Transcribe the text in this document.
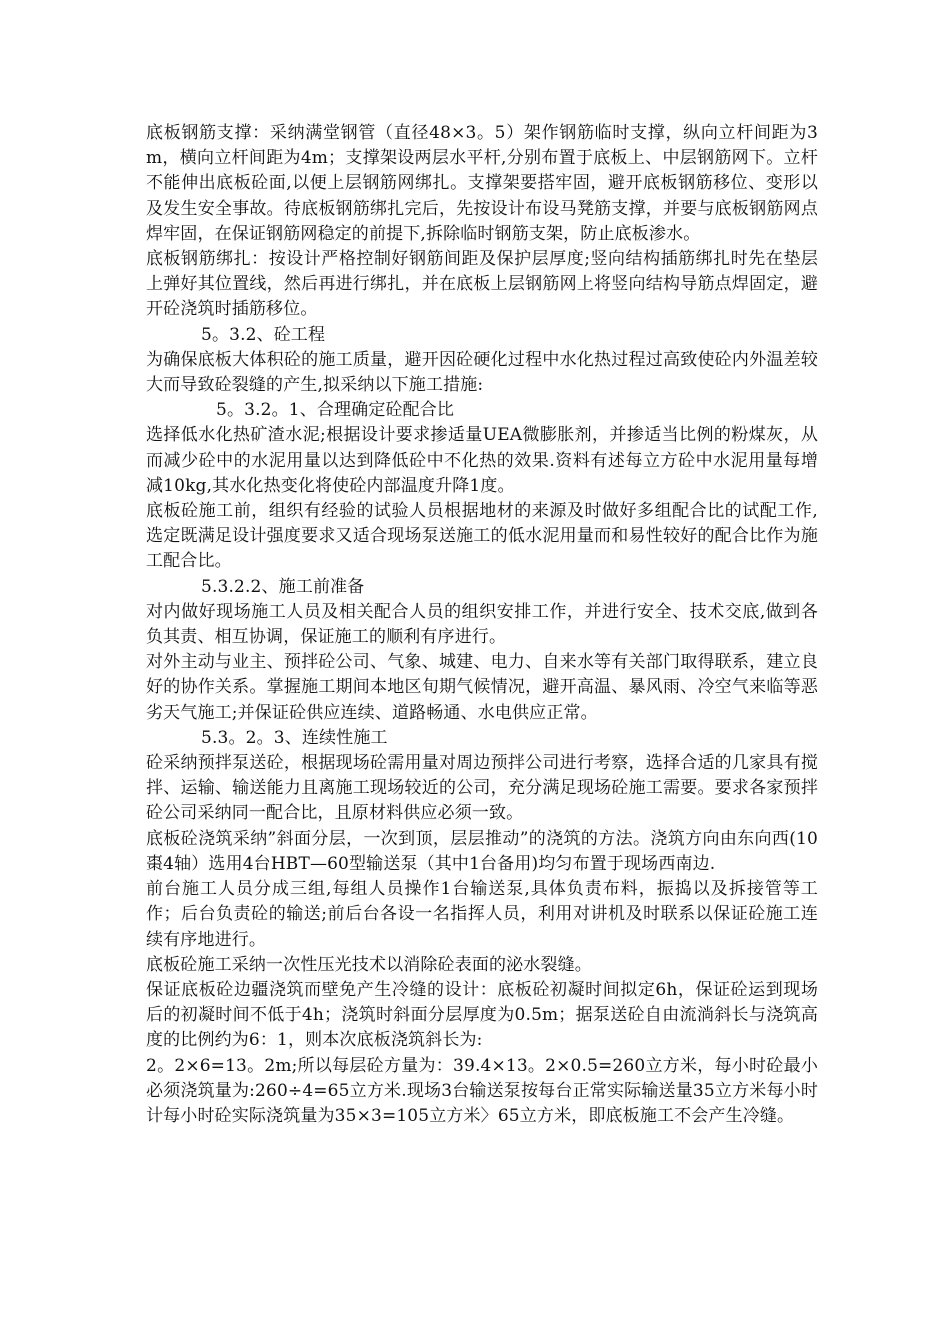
底板钢筋支撑：采纳满堂钢管（直径48×3。5）架作钢筋临时支撑，纵向立杆间距为3m，横向立杆间距为4m；支撑架设两层水平杆,分别布置于底板上、中层钢筋网下。立杆不能伸出底板砼面,以便上层钢筋网绑扎。支撑架要搭牢固，避开底板钢筋移位、变形以及发生安全事故。待底板钢筋绑扎完后，先按设计布设马凳筋支撑，并要与底板钢筋网点焊牢固，在保证钢筋网稳定的前提下,拆除临时钢筋支架，防止底板渗水。

底板钢筋绑扎：按设计严格控制好钢筋间距及保护层厚度;竖向结构插筋绑扎时先在垫层上弹好其位置线，然后再进行绑扎，并在底板上层钢筋网上将竖向结构导筋点焊固定，避开砼浇筑时插筋移位。

5。3.2、砼工程

为确保底板大体积砼的施工质量，避开因砼硬化过程中水化热过程过高致使砼内外温差较大而导致砼裂缝的产生,拟采纳以下施工措施:

5。3.2。1、合理确定砼配合比

选择低水化热矿渣水泥;根据设计要求掺适量UEA微膨胀剂，并掺适当比例的粉煤灰，从而减少砼中的水泥用量以达到降低砼中不化热的效果.资料有述每立方砼中水泥用量每增减10kg,其水化热变化将使砼内部温度升降1度。

底板砼施工前，组织有经验的试验人员根据地材的来源及时做好多组配合比的试配工作,选定既满足设计强度要求又适合现场泵送施工的低水泥用量而和易性较好的配合比作为施工配合比。

5.3.2.2、施工前准备

对内做好现场施工人员及相关配合人员的组织安排工作，并进行安全、技术交底,做到各负其责、相互协调，保证施工的顺利有序进行。

对外主动与业主、预拌砼公司、气象、城建、电力、自来水等有关部门取得联系，建立良好的协作关系。掌握施工期间本地区旬期气候情况，避开高温、暴风雨、冷空气来临等恶劣天气施工;并保证砼供应连续、道路畅通、水电供应正常。

5.3。2。3、连续性施工

砼采纳预拌泵送砼，根据现场砼需用量对周边预拌公司进行考察，选择合适的几家具有搅拌、运输、输送能力且离施工现场较近的公司，充分满足现场砼施工需要。要求各家预拌砼公司采纳同一配合比，且原材料供应必须一致。

底板砼浇筑采纳”斜面分层，一次到顶，层层推动”的浇筑的方法。浇筑方向由东向西(10棗4轴）选用4台HBT—60型输送泵（其中1台备用)均匀布置于现场西南边.

前台施工人员分成三组,每组人员操作1台输送泵,具体负责布料，振捣以及拆接管等工作；后台负责砼的输送;前后台各设一名指挥人员，利用对讲机及时联系以保证砼施工连续有序地进行。

底板砼施工采纳一次性压光技术以消除砼表面的泌水裂缝。

保证底板砼边疆浇筑而壁免产生冷缝的设计：底板砼初凝时间拟定6h，保证砼运到现场后的初凝时间不低于4h；浇筑时斜面分层厚度为0.5m；据泵送砼自由流淌斜长与浇筑高度的比例约为6：1，则本次底板浇筑斜长为:

2。2×6=13。2m;所以每层砼方量为：39.4×13。2×0.5=260立方米，每小时砼最小必须浇筑量为:260÷4=65立方米.现场3台输送泵按每台正常实际输送量35立方米每小时计每小时砼实际浇筑量为35×3=105立方米〉65立方米，即底板施工不会产生冷缝。
